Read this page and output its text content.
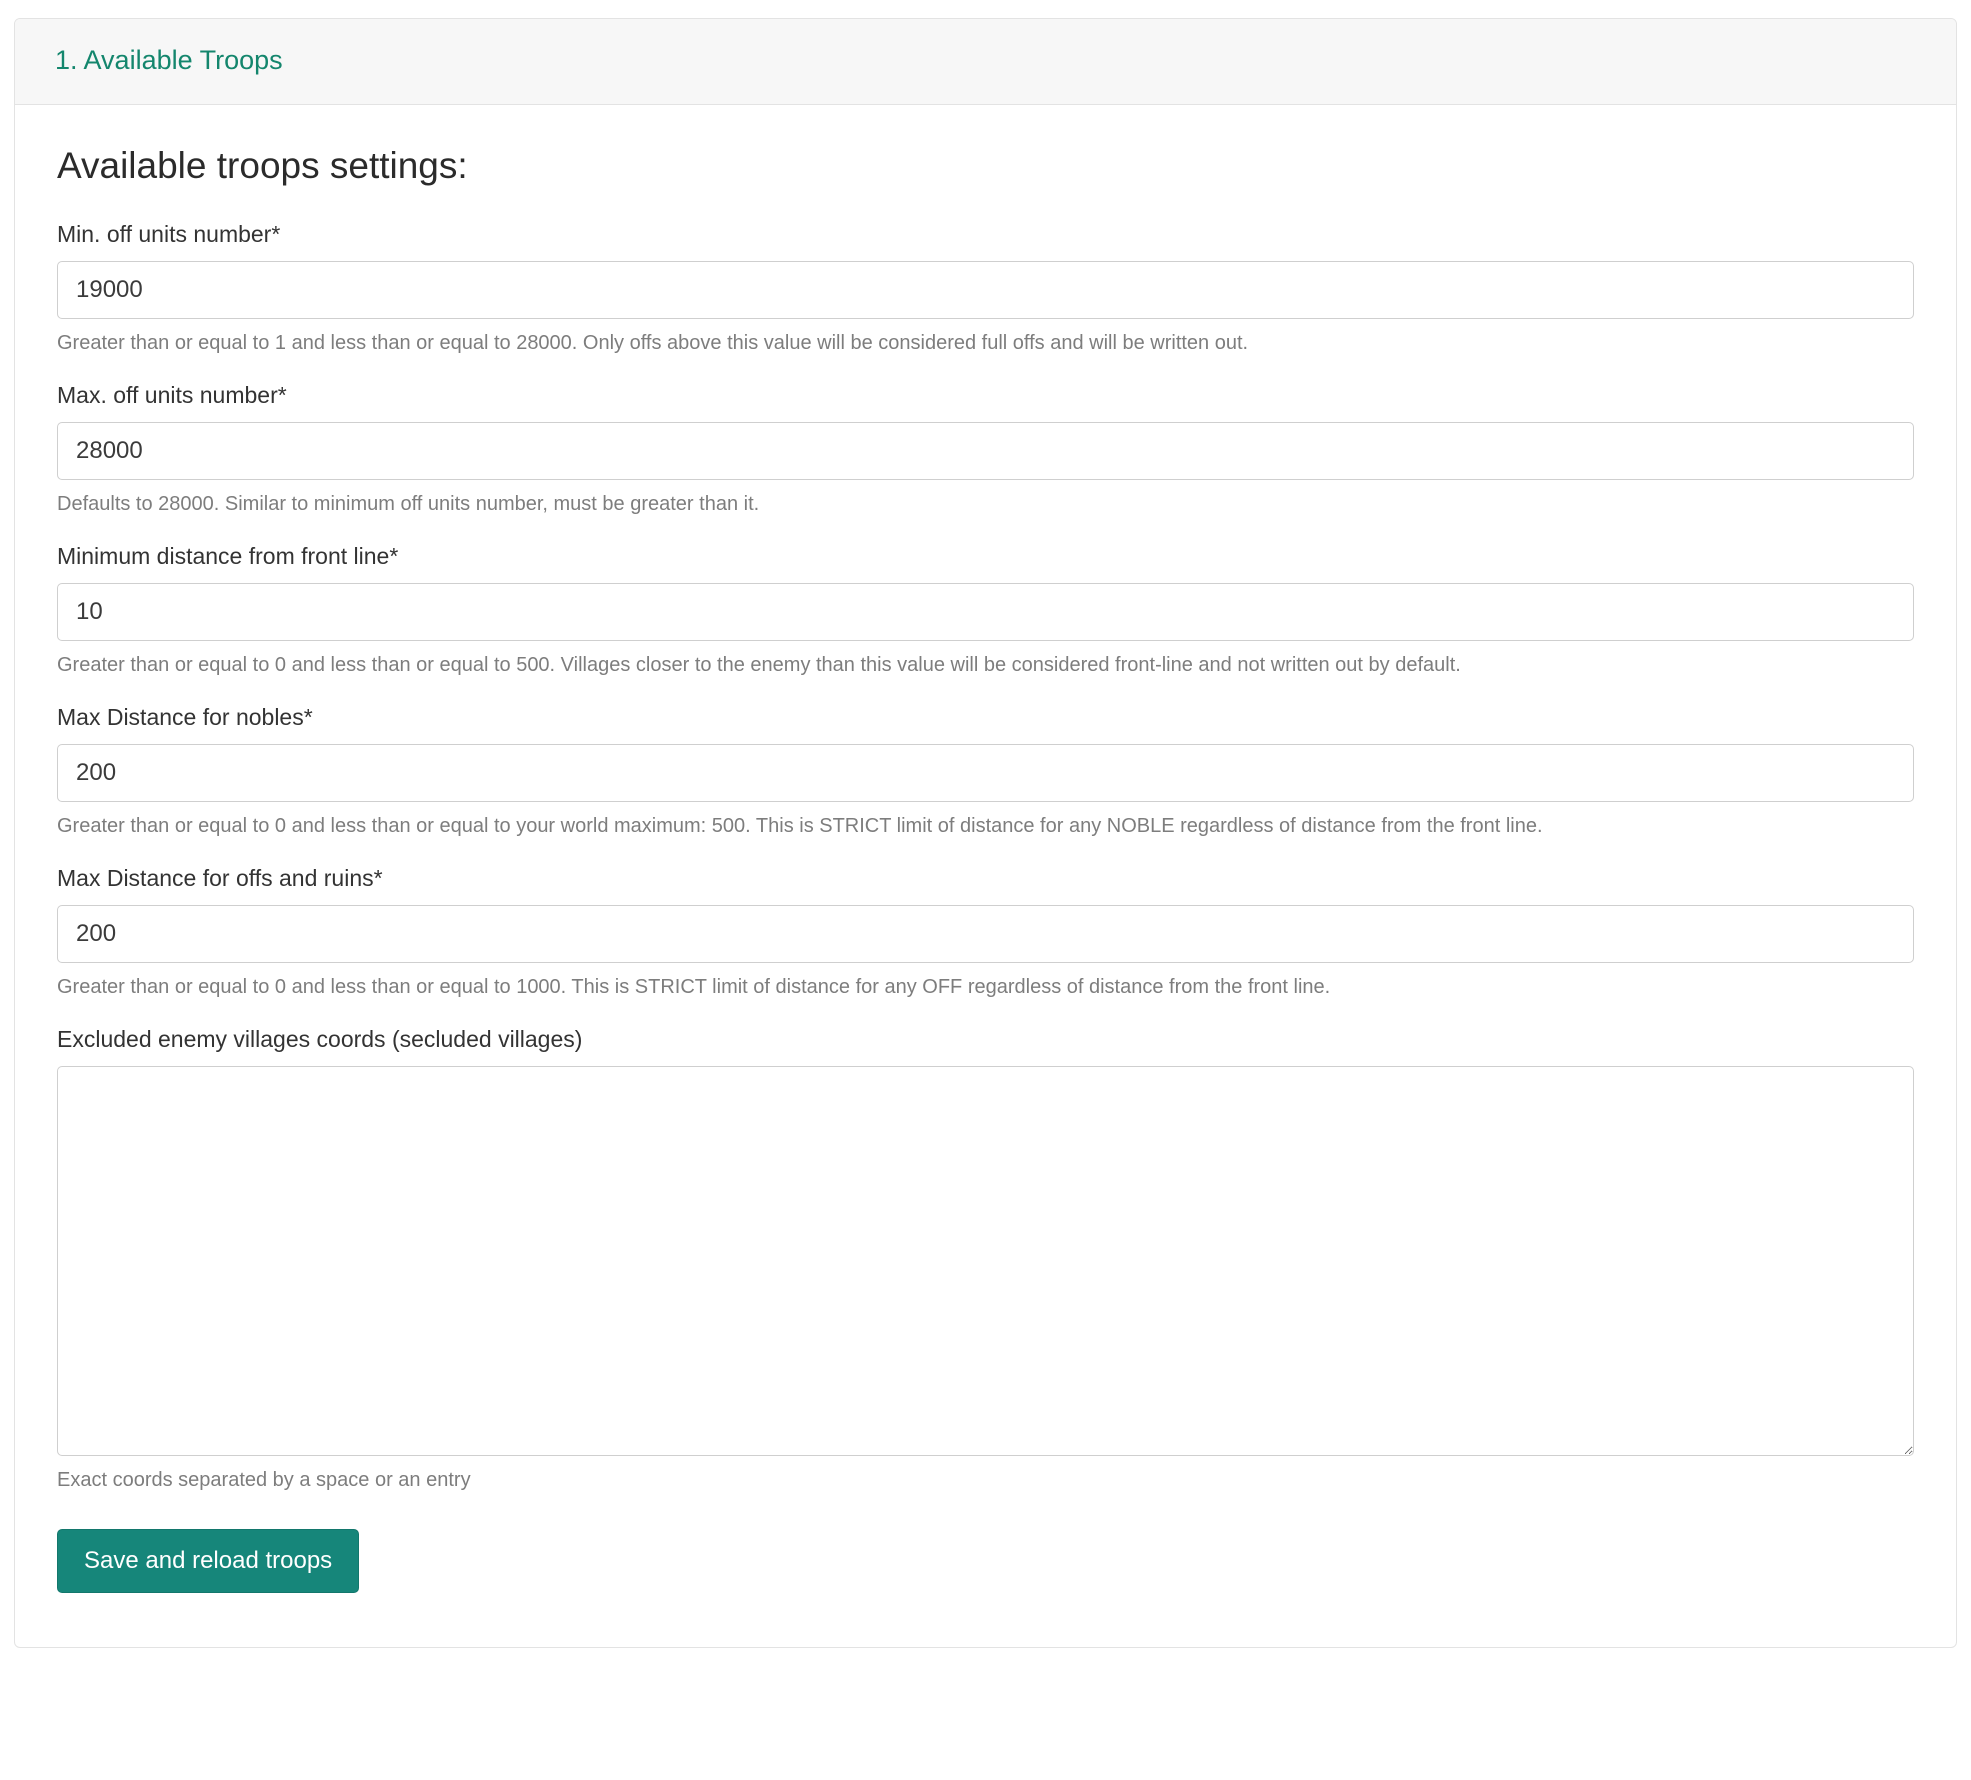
1. Available Troops
Available troops settings:
Min. off units number*
19000
Greater than or equal to 1 and less than or equal to 28000. Only offs above this value will be considered full offs and will be written out.
Max. off units number*
28000
Defaults to 28000. Similar to minimum off units number, must be greater than it.
Minimum distance from front line*
10
Greater than or equal to 0 and less than or equal to 500. Villages closer to the enemy than this value will be considered front-line and not written out by default.
Max Distance for nobles*
200
Greater than or equal to 0 and less than or equal to your world maximum: 500. This is STRICT limit of distance for any NOBLE regardless of distance from the front line.
Max Distance for offs and ruins*
200
Greater than or equal to 0 and less than or equal to 1000. This is STRICT limit of distance for any OFF regardless of distance from the front line.
Excluded enemy villages coords (secluded villages)
Exact coords separated by a space or an entry
Save and reload troops
